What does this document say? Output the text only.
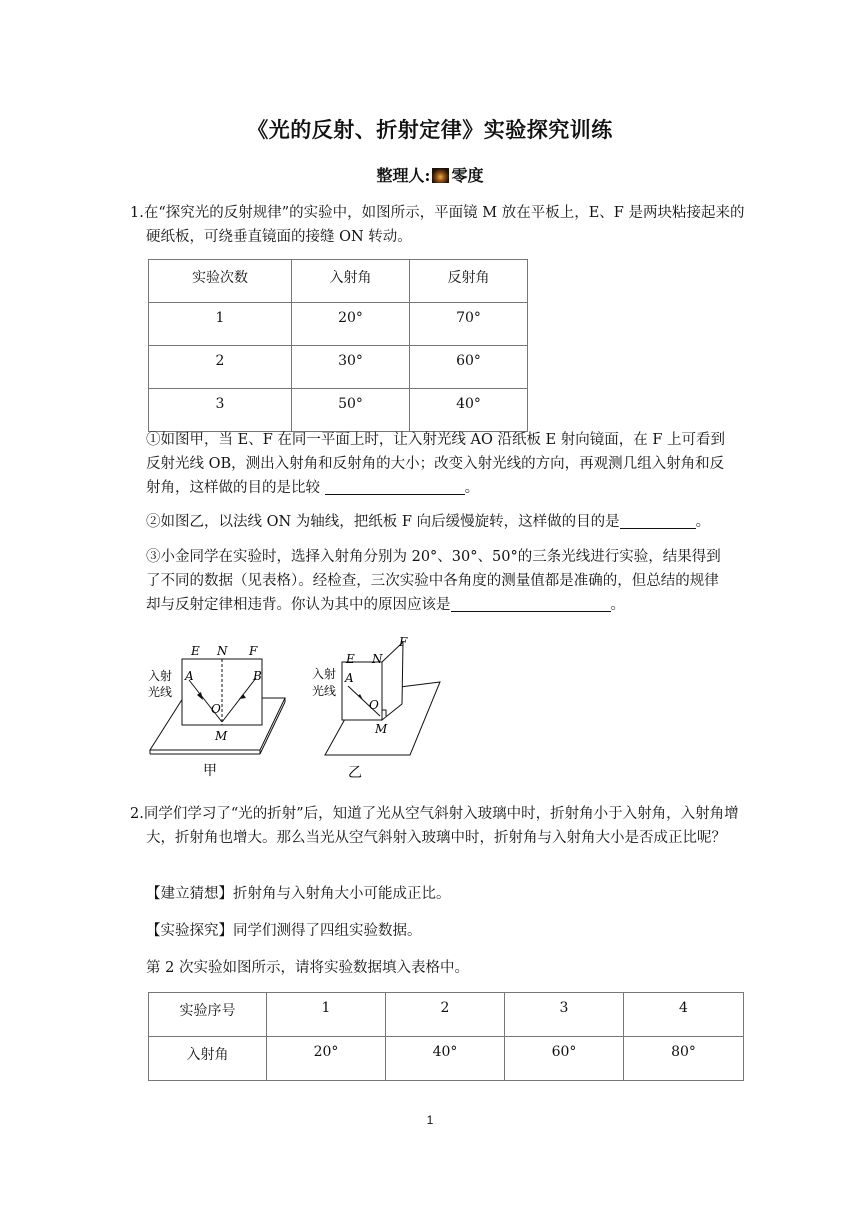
《光的反射、折射定律》实验探究训练
整理人: 零度
1.在“探究光的反射规律”的实验中，如图所示，平面镜 M 放在平板上，E、F 是两块粘接起来的硬纸板，可绕垂直镜面的接缝 ON 转动。
实验次数	入射角	反射角
1	20°	70°
2	30°	60°
3	50°	40°
①如图甲，当 E、F 在同一平面上时，让入射光线 AO 沿纸板 E 射向镜面，在 F 上可看到反射光线 OB，测出入射角和反射角的大小；改变入射光线的方向，再观测几组入射角和反射角，这样做的目的是比较	。
②如图乙，以法线 ON 为轴线，把纸板 F 向后缓慢旋转，这样做的目的是	。
③小金同学在实验时，选择入射角分别为 20°、30°、50°的三条光线进行实验，结果得到了不同的数据（见表格）。经检查，三次实验中各角度的测量值都是准确的，但总结的规律却与反射定律相违背。你认为其中的原因应该是	。
E N F
A	B
O
M
入射
光线
甲
E N
F
A
O
M
入射
光线
乙
2.同学们学习了“光的折射”后，知道了光从空气斜射入玻璃中时，折射角小于入射角，入射角增大，折射角也增大。那么当光从空气斜射入玻璃中时，折射角与入射角大小是否成正比呢？
【建立猜想】折射角与入射角大小可能成正比。
【实验探究】同学们测得了四组实验数据。
第 2 次实验如图所示，请将实验数据填入表格中。
实验序号	1	2	3	4
入射角	20°	40°	60°	80°
1
